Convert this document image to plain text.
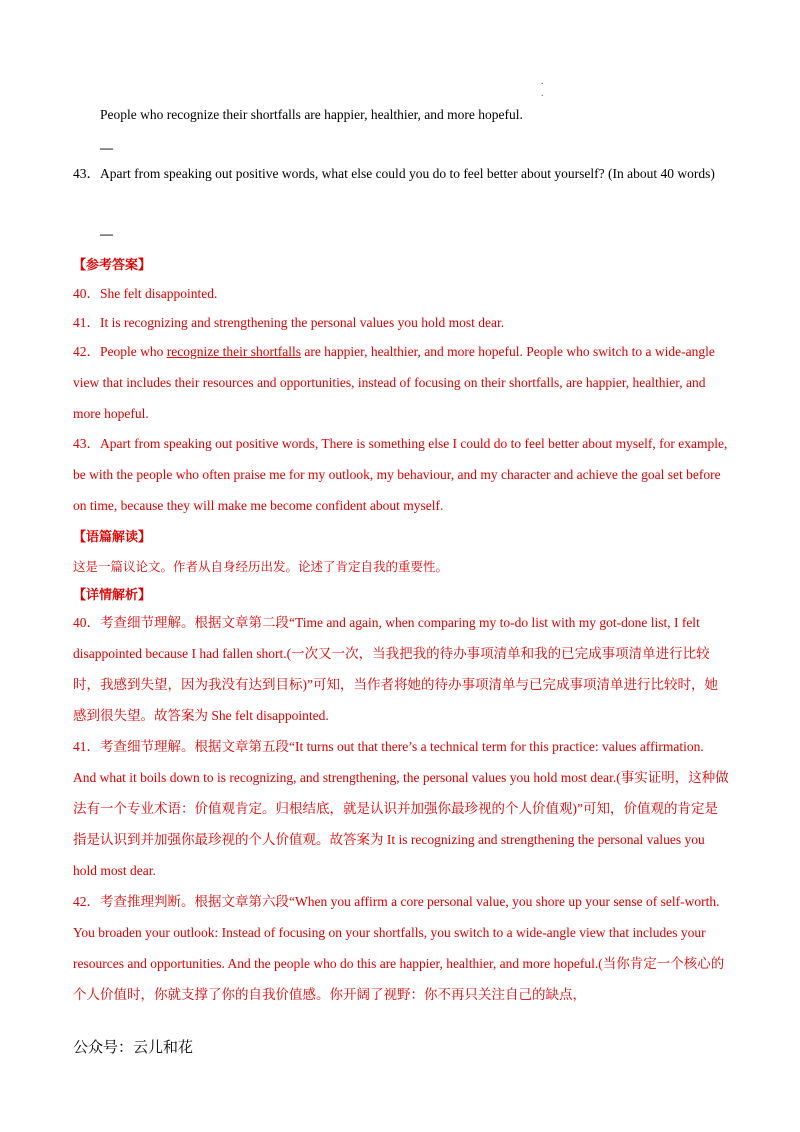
.
.

People who recognize their shortfalls are happier, healthier, and more hopeful.

—

43．Apart from speaking out positive words, what else could you do to feel better about yourself? (In about 40 words)

—

【参考答案】

40．She felt disappointed.

41．It is recognizing and strengthening the personal values you hold most dear.

42．People who recognize their shortfalls are happier, healthier, and more hopeful. People who switch to a wide-angle view that includes their resources and opportunities, instead of focusing on their shortfalls, are happier, healthier, and more hopeful.

43．Apart from speaking out positive words, There is something else I could do to feel better about myself, for example, be with the people who often praise me for my outlook, my behaviour, and my character and achieve the goal set before on time, because they will make me become confident about myself.

【语篇解读】

这是一篇议论文。作者从自身经历出发。论述了肯定自我的重要性。

【详情解析】

40．考查细节理解。根据文章第二段“Time and again, when comparing my to-do list with my got-done list, I felt disappointed because I had fallen short.(一次又一次，当我把我的待办事项清单和我的已完成事项清单进行比较时，我感到失望，因为我没有达到目标)”可知，当作者将她的待办事项清单与已完成事项清单进行比较时，她感到很失望。故答案为 She felt disappointed.

41．考查细节理解。根据文章第五段“It turns out that there’s a technical term for this practice: values affirmation. And what it boils down to is recognizing, and strengthening, the personal values you hold most dear.(事实证明，这种做法有一个专业术语：价值观肯定。归根结底，就是认识并加强你最珍视的个人价值观)”可知，价值观的肯定是指是认识到并加强你最珍视的个人价值观。故答案为 It is recognizing and strengthening the personal values you hold most dear.

42．考查推理判断。根据文章第六段“When you affirm a core personal value, you shore up your sense of self-worth. You broaden your outlook: Instead of focusing on your shortfalls, you switch to a wide-angle view that includes your resources and opportunities. And the people who do this are happier, healthier, and more hopeful.(当你肯定一个核心的个人价值时，你就支撑了你的自我价值感。你开阔了视野：你不再只关注自己的缺点，

公众号：云儿和花
